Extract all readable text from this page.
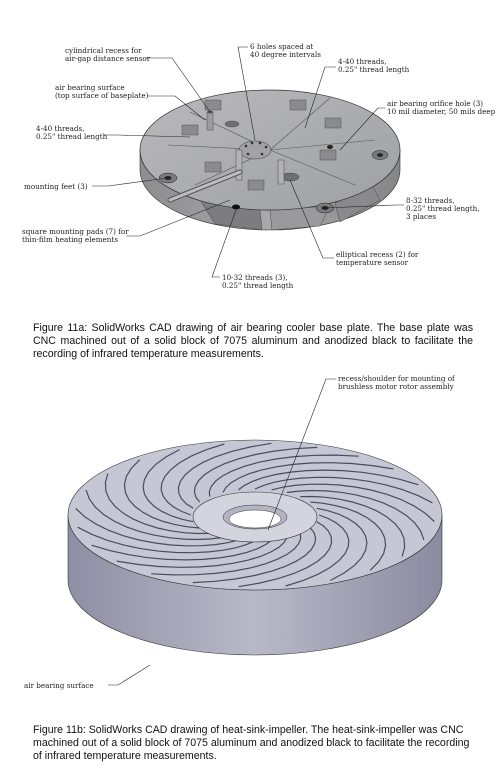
cylindrical recess for
air-gap distance sensor
6 holes spaced at
40 degree intervals
4-40 threads,
0.25" thread length
air bearing surface
(top surface of baseplate)
air bearing orifice hole (3)
10 mil diameter, 50 mils deep
4-40 threads,
0.25" thread length
mounting feet (3)
8-32 threads,
0.25" thread length,
3 places
square mounting pads (7) for
thin-film heating elements
elliptical recess (2) for
temperature sensor
10-32 threads (3),
0.25" thread length

Figure 11a: SolidWorks CAD drawing of air bearing cooler base plate. The base plate was CNC machined out of a solid block of 7075 aluminum and anodized black to facilitate the recording of infrared temperature measurements.

recess/shoulder for mounting of
brushless motor rotor assembly
air bearing surface

Figure 11b: SolidWorks CAD drawing of heat-sink-impeller. The heat-sink-impeller was CNC machined out of a solid block of 7075 aluminum and anodized black to facilitate the recording of infrared temperature measurements.
